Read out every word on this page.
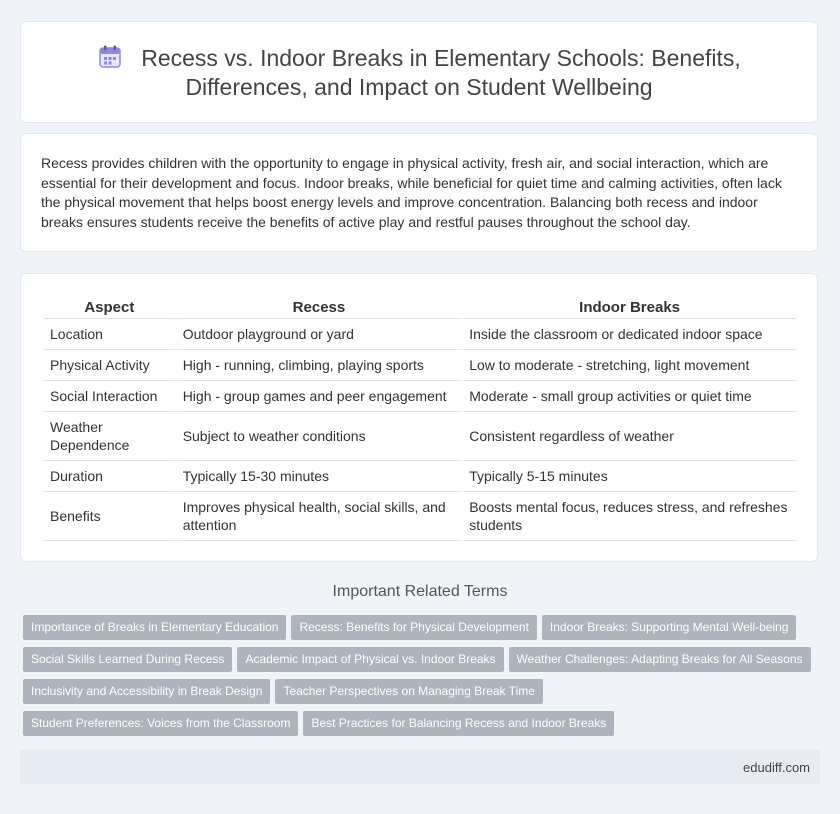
Recess vs. Indoor Breaks in Elementary Schools: Benefits,
Differences, and Impact on Student Wellbeing
Recess provides children with the opportunity to engage in physical activity, fresh air, and social interaction, which are essential for their development and focus. Indoor breaks, while beneficial for quiet time and calming activities, often lack the physical movement that helps boost energy levels and improve concentration. Balancing both recess and indoor breaks ensures students receive the benefits of active play and restful pauses throughout the school day.
Aspect	Recess	Indoor Breaks
Location	Outdoor playground or yard	Inside the classroom or dedicated indoor space
Physical Activity	High - running, climbing, playing sports	Low to moderate - stretching, light movement
Social Interaction	High - group games and peer engagement	Moderate - small group activities or quiet time
Weather Dependence	Subject to weather conditions	Consistent regardless of weather
Duration	Typically 15-30 minutes	Typically 5-15 minutes
Benefits	Improves physical health, social skills, and attention	Boosts mental focus, reduces stress, and refreshes students
Important Related Terms
Importance of Breaks in Elementary Education Recess: Benefits for Physical Development Indoor Breaks: Supporting Mental Well-being
Social Skills Learned During Recess Academic Impact of Physical vs. Indoor Breaks Weather Challenges: Adapting Breaks for All Seasons
Inclusivity and Accessibility in Break Design Teacher Perspectives on Managing Break Time
Student Preferences: Voices from the Classroom Best Practices for Balancing Recess and Indoor Breaks
edudiff.com
